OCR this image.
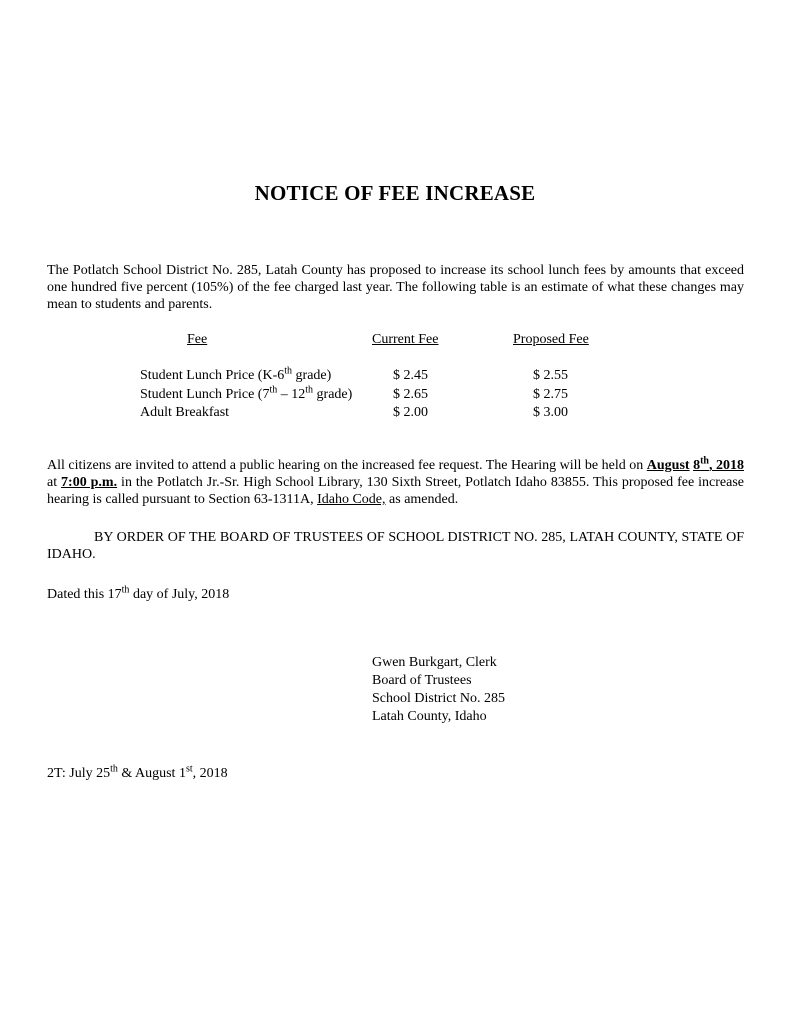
NOTICE OF FEE INCREASE
The Potlatch School District No. 285, Latah County has proposed to increase its school lunch fees by amounts that exceed one hundred five percent (105%) of the fee charged last year. The following table is an estimate of what these changes may mean to students and parents.
Fee	Current Fee	Proposed Fee
Student Lunch Price (K-6th grade)	$ 2.45	$ 2.55
Student Lunch Price (7th – 12th grade)	$ 2.65	$ 2.75
Adult Breakfast	$ 2.00	$ 3.00
All citizens are invited to attend a public hearing on the increased fee request. The Hearing will be held on August 8th, 2018 at 7:00 p.m. in the Potlatch Jr.-Sr. High School Library, 130 Sixth Street, Potlatch Idaho 83855. This proposed fee increase hearing is called pursuant to Section 63-1311A, Idaho Code, as amended.
BY ORDER OF THE BOARD OF TRUSTEES OF SCHOOL DISTRICT NO. 285, LATAH COUNTY, STATE OF IDAHO.
Dated this 17th day of July, 2018
Gwen Burkgart, Clerk
Board of Trustees
School District No. 285
Latah County, Idaho
2T: July 25th & August 1st, 2018
